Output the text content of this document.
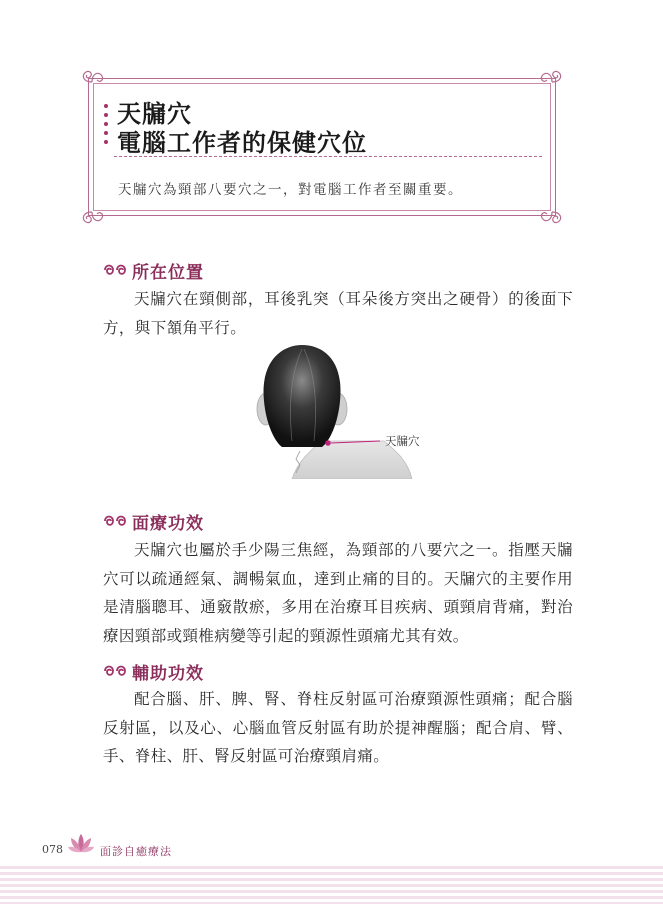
天牖穴
電腦工作者的保健穴位
天牖穴為頸部八要穴之一，對電腦工作者至關重要。
所在位置
天牖穴在頸側部，耳後乳突（耳朵後方突出之硬骨）的後面下方，與下頷角平行。
天牖穴
面療功效
天牖穴也屬於手少陽三焦經，為頸部的八要穴之一。指壓天牖穴可以疏通經氣、調暢氣血，達到止痛的目的。天牖穴的主要作用是清腦聰耳、通竅散瘀，多用在治療耳目疾病、頭頸肩背痛，對治療因頸部或頸椎病變等引起的頸源性頭痛尤其有效。
輔助功效
配合腦、肝、脾、腎、脊柱反射區可治療頸源性頭痛；配合腦反射區，以及心、心腦血管反射區有助於提神醒腦；配合肩、臂、手、脊柱、肝、腎反射區可治療頸肩痛。
078	面診自癒療法
